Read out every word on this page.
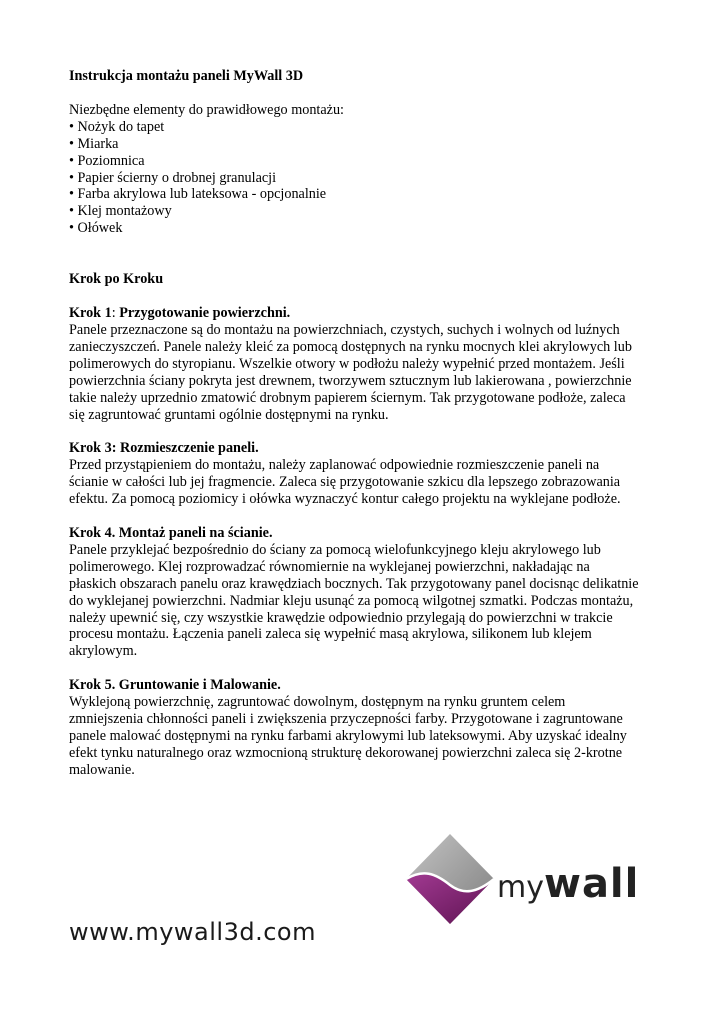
Instrukcja montażu paneli MyWall 3D

Niezbędne elementy do prawidłowego montażu:

• Nożyk do tapet
• Miarka
• Poziomnica
• Papier ścierny o drobnej granulacji
• Farba akrylowa lub lateksowa - opcjonalnie
• Klej montażowy
• Ołówek

Krok po Kroku

Krok 1: Przygotowanie powierzchni.

Panele przeznaczone są do montażu na powierzchniach, czystych, suchych i wolnych od luźnych
zanieczyszczeń. Panele należy kleić za pomocą dostępnych na rynku mocnych klei akrylowych lub
polimerowych do styropianu. Wszelkie otwory w podłożu należy wypełnić przed montażem. Jeśli
powierzchnia ściany pokryta jest drewnem, tworzywem sztucznym lub lakierowana , powierzchnie
takie należy uprzednio zmatowić drobnym papierem ściernym. Tak przygotowane podłoże, zaleca
się zagruntować gruntami ogólnie dostępnymi na rynku.

Krok 3: Rozmieszczenie paneli.

Przed przystąpieniem do montażu, należy zaplanować odpowiednie rozmieszczenie paneli na
ścianie w całości lub jej fragmencie. Zaleca się przygotowanie szkicu dla lepszego zobrazowania
efektu. Za pomocą poziomicy i ołówka wyznaczyć kontur całego projektu na wyklejane podłoże.

Krok 4. Montaż paneli na ścianie.

Panele przyklejać bezpośrednio do ściany za pomocą wielofunkcyjnego kleju akrylowego lub
polimerowego. Klej rozprowadzać równomiernie na wyklejanej powierzchni, nakładając na
płaskich obszarach panelu oraz krawędziach bocznych. Tak przygotowany panel docisnąc delikatnie
do wyklejanej powierzchni. Nadmiar kleju usunąć za pomocą wilgotnej szmatki. Podczas montażu,
należy upewnić się, czy wszystkie krawędzie odpowiednio przylegają do powierzchni w trakcie
procesu montażu. Łączenia paneli zaleca się wypełnić masą akrylowa, silikonem lub klejem
akrylowym.

Krok 5. Gruntowanie i Malowanie.

Wyklejoną powierzchnię, zagruntować dowolnym, dostępnym na rynku gruntem celem
zmniejszenia chłonności paneli i zwiększenia przyczepności farby. Przygotowane i zagruntowane
panele malować dostępnymi na rynku farbami akrylowymi lub lateksowymi. Aby uzyskać idealny
efekt tynku naturalnego oraz wzmocnioną strukturę dekorowanej powierzchni zaleca się 2-krotne
malowanie.

mywall
www.mywall3d.com
